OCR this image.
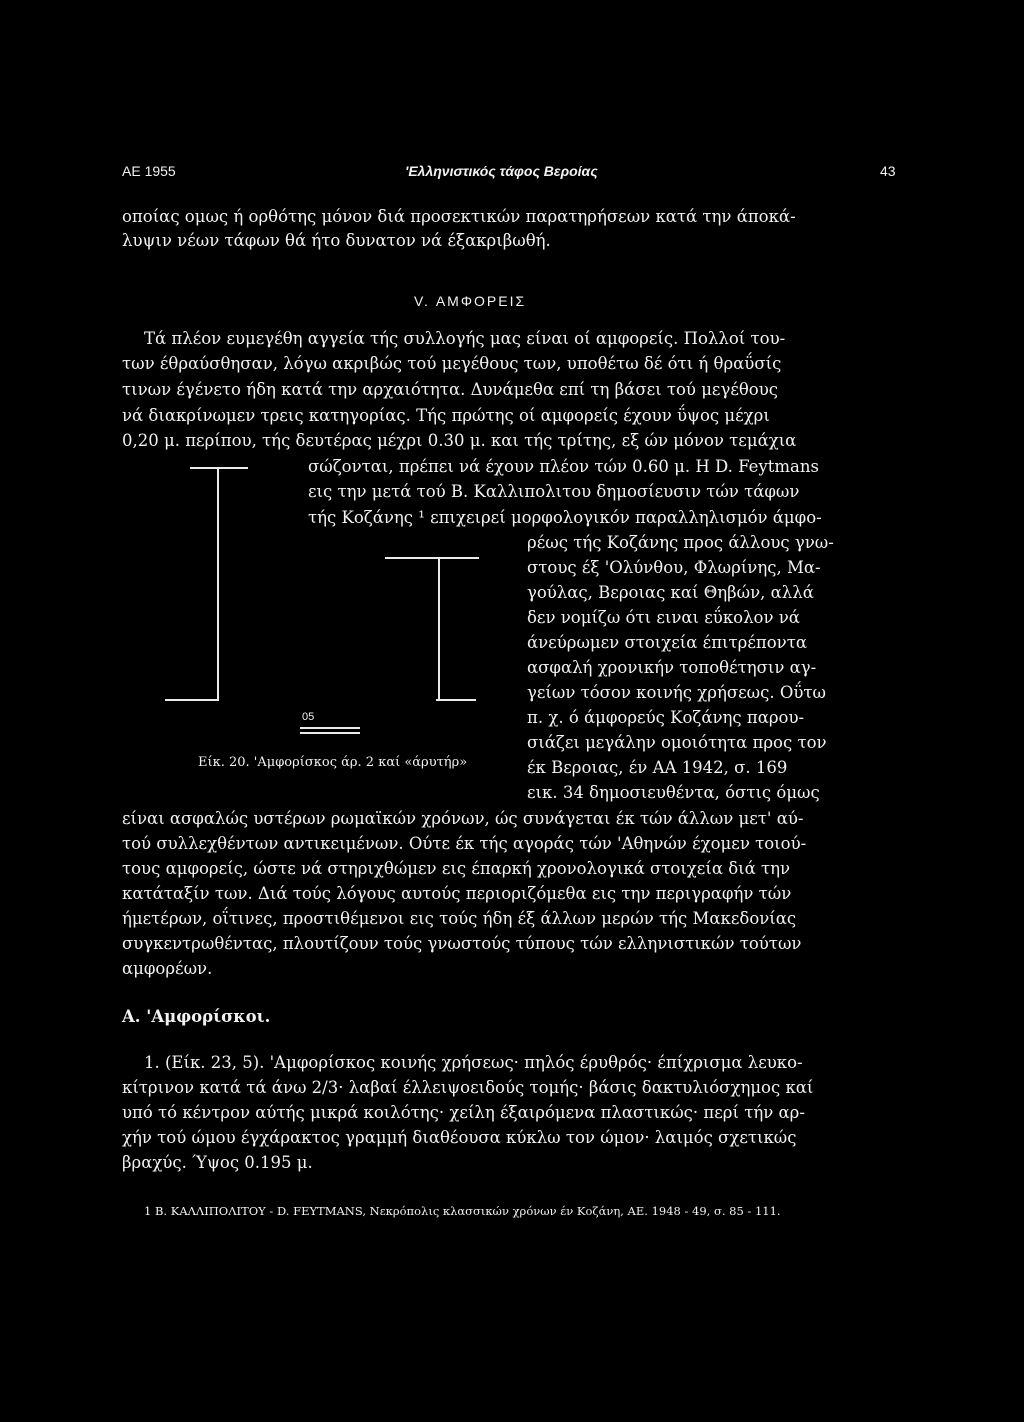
ΑΕ 1955	'Ελληνιστικός τάφος Βεροίας	43
οποίας ομως ή ορθότης μόνον διά προσεκτικών παρατηρήσεων κατά την άποκά-
λυψιν νέων τάφων θά ήτο δυνατον νά έξακριβωθή.
V. ΑΜΦΟΡΕΙΣ
Τά πλέον ευμεγέθη αγγεία τής συλλογής μας είναι οί αμφορείς. Πολλοί του-
των έθραύσθησαν, λόγω ακριβώς τού μεγέθους των, υποθέτω δέ ότι ή θραΰσίς
τινων έγένετο ήδη κατά την αρχαιότητα. Δυνάμεθα επί τη βάσει τού μεγέθους
νά διακρίνωμεν τρεις κατηγορίας. Τής πρώτης οί αμφορείς έχουν ΰψος μέχρι
0,20 μ. περίπου, τής δευτέρας μέχρι 0.30 μ. και τής τρίτης, εξ ών μόνον τεμάχια
σώζονται, πρέπει νά έχουν πλέον τών 0.60 μ. Η D. Feytmans
εις την μετά τού Β. Καλλιπολιτου δημοσίευσιν τών τάφων
τής Κοζάνης ¹ επιχειρεί μορφολογικόν παραλληλισμόν άμφο-
ρέως τής Κοζάνης προς άλλους γνω-
στους έξ 'Ολύνθου, Φλωρίνης, Μα-
γούλας, Βεροιας καί Θηβών, αλλά
δεν νομίζω ότι ειναι εΰκολον νά
άνεύρωμεν στοιχεία έπιτρέποντα
ασφαλή χρονικήν τοποθέτησιν αγ-
γείων τόσον κοινής χρήσεως. Οΰτω
π. χ. ό άμφορεύς Κοζάνης παρου-
σιάζει μεγάλην ομοιότητα προς τον
έκ Βεροιας, έν ΑΑ 1942, σ. 169
εικ. 34 δημοσιευθέντα, όστις όμως
05
Είκ. 20. 'Αμφορίσκος άρ. 2 καί «άρυτήρ»
είναι ασφαλώς υστέρων ρωμαϊκών χρόνων, ώς συνάγεται έκ τών άλλων μετ' αύ-
τού συλλεχθέντων αντικειμένων. Ούτε έκ τής αγοράς τών 'Αθηνών έχομεν τοιού-
τους αμφορείς, ώστε νά στηριχθώμεν εις έπαρκή χρονολογικά στοιχεία διά την
κατάταξίν των. Διά τούς λόγους αυτούς περιοριζόμεθα εις την περιγραφήν τών
ήμετέρων, οΐτινες, προστιθέμενοι εις τούς ήδη έξ άλλων μερών τής Μακεδονίας
συγκεντρωθέντας, πλουτίζουν τούς γνωστούς τύπους τών ελληνιστικών τούτων
αμφορέων.
Α. 'Αμφορίσκοι.
1. (Είκ. 23, 5). 'Αμφορίσκος κοινής χρήσεως· πηλός έρυθρός· έπίχρισμα λευκο-
κίτρινον κατά τά άνω 2/3· λαβαί έλλειψοειδούς τομής· βάσις δακτυλιόσχημος καί
υπό τό κέντρον αύτής μικρά κοιλότης· χείλη έξαιρόμενα πλαστικώς· περί τήν αρ-
χήν τού ώμου έγχάρακτος γραμμή διαθέουσα κύκλω τον ώμον· λαιμός σχετικώς
βραχύς. Ύψος 0.195 μ.
1 Β. ΚΑΛΛΙΠΟΛΙΤΟΥ - D. FEYTMANS, Νεκρόπολις κλασσικών χρόνων έν Κοζάνη, ΑΕ. 1948 - 49, σ. 85 - 111.
